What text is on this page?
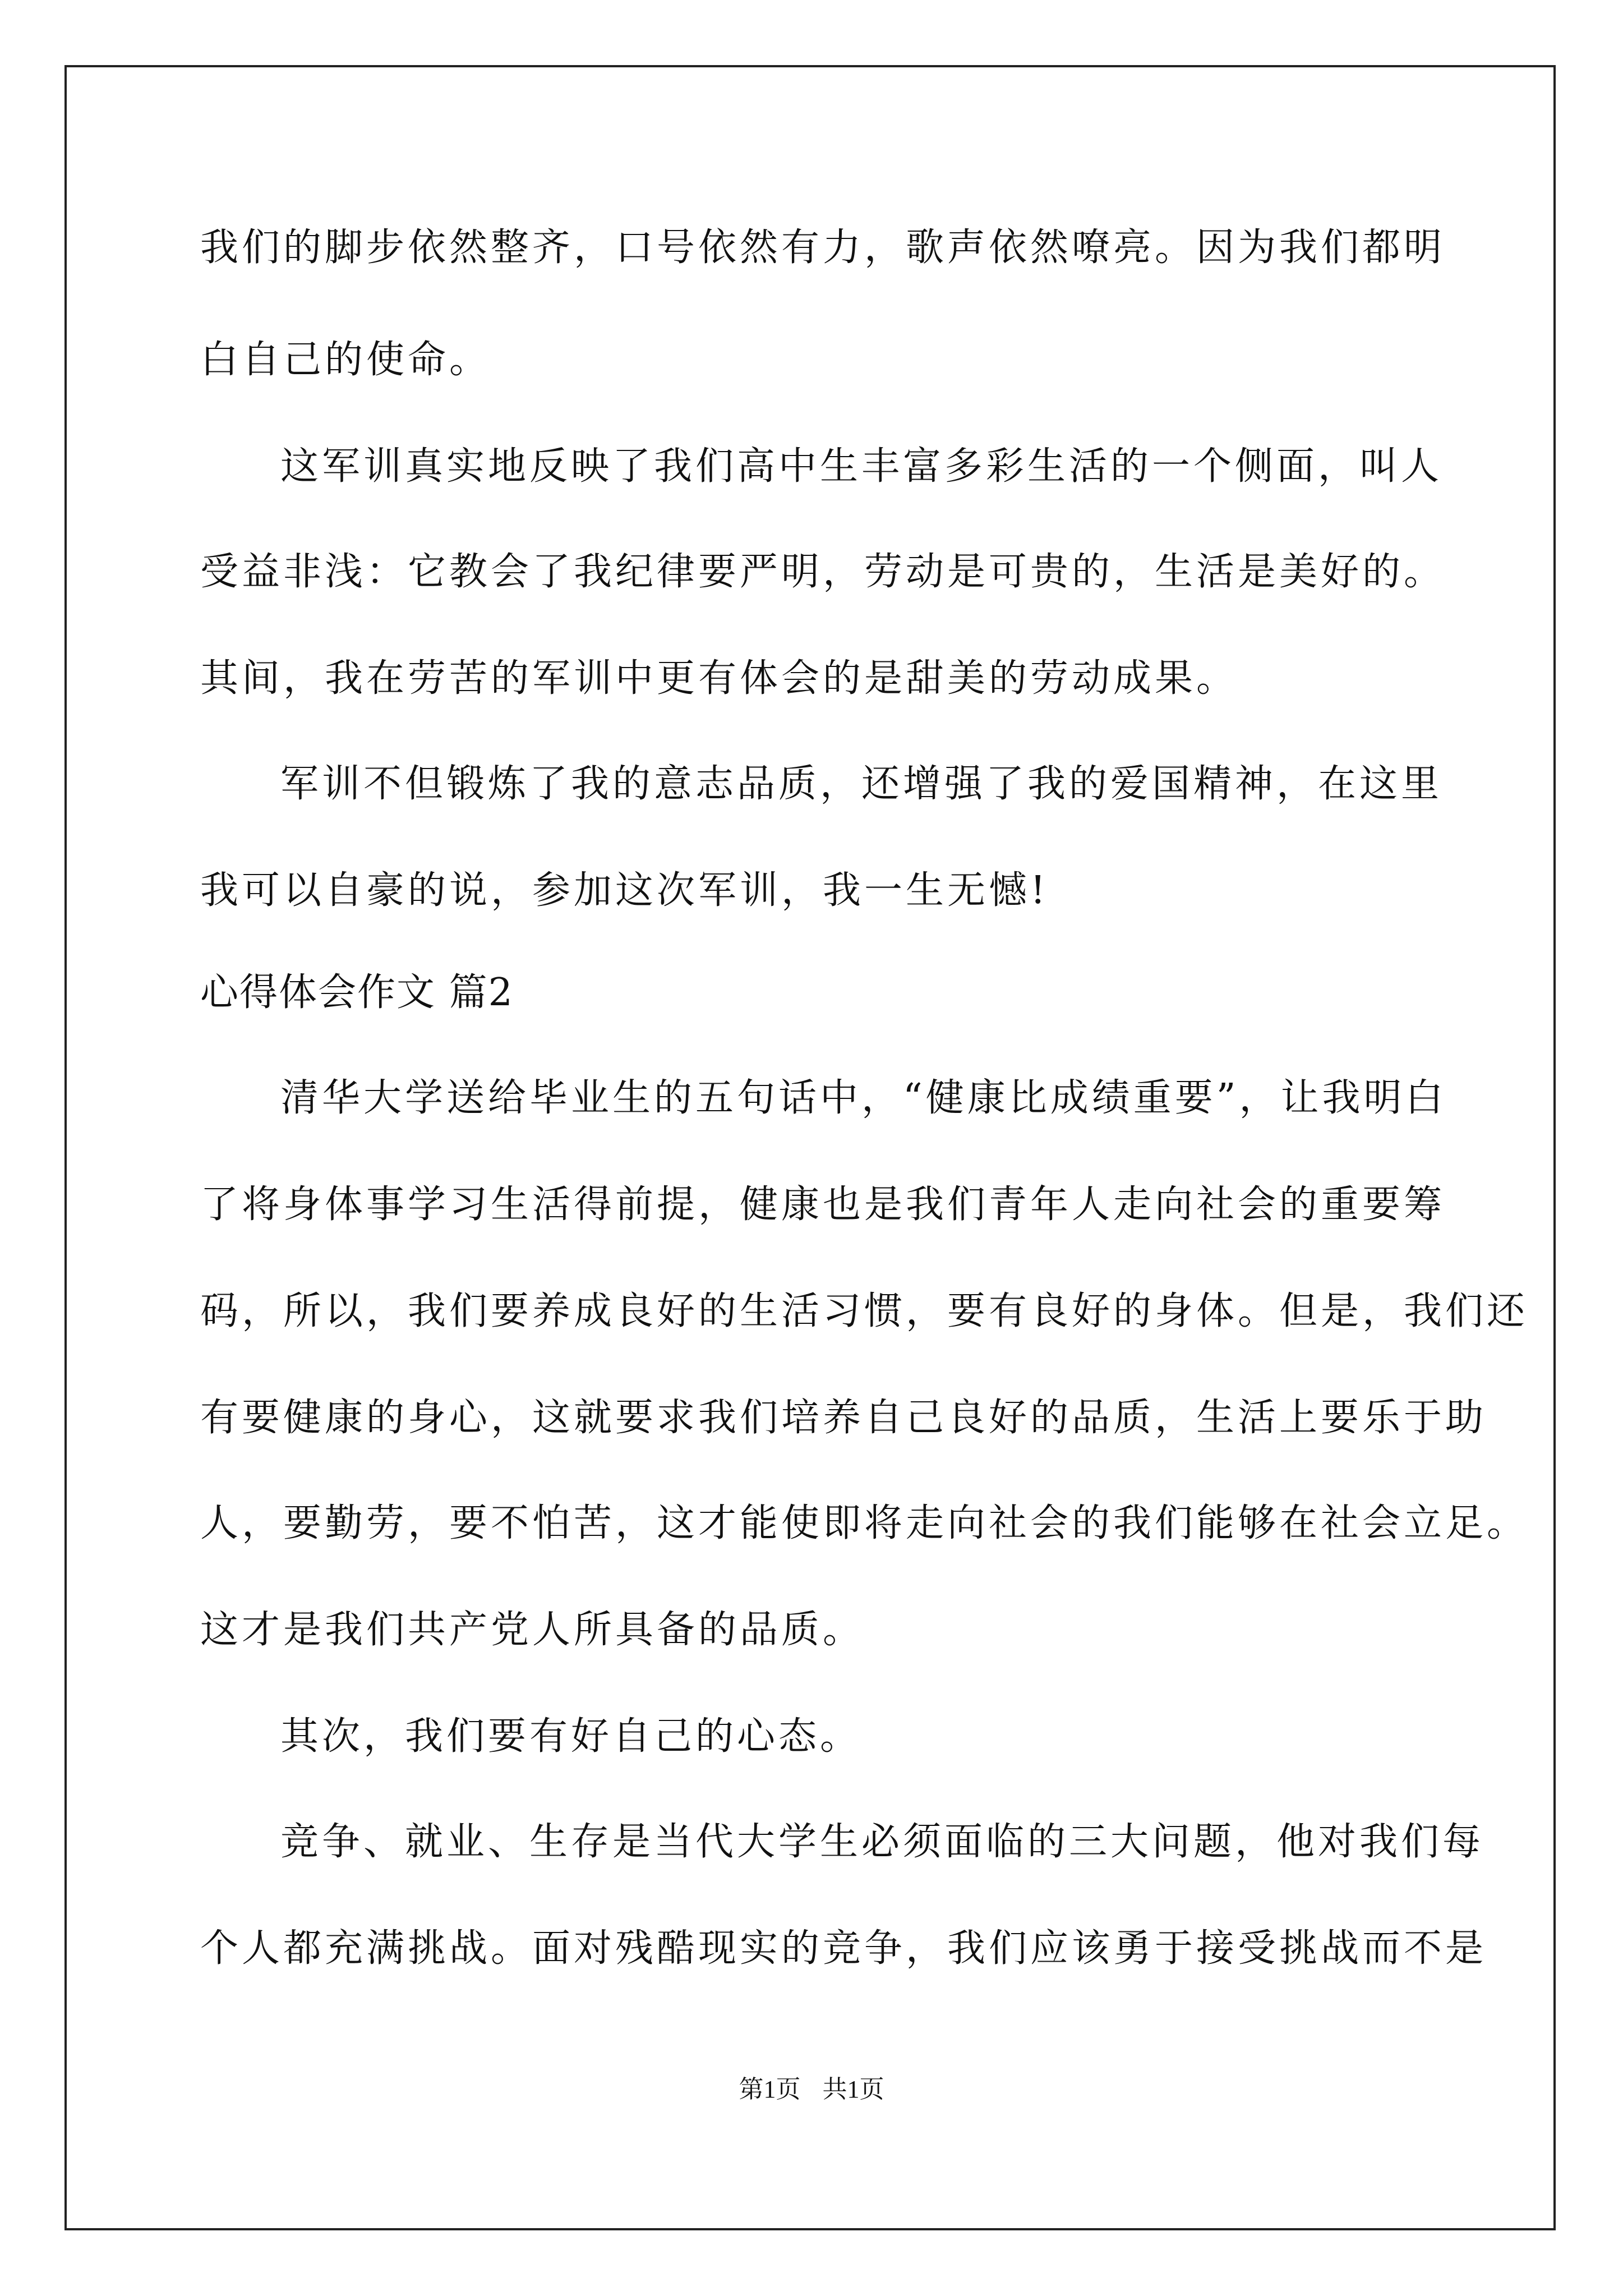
我们的脚步依然整齐，口号依然有力，歌声依然嘹亮。因为我们都明
白自己的使命。
这军训真实地反映了我们高中生丰富多彩生活的一个侧面，叫人
受益非浅：它教会了我纪律要严明，劳动是可贵的，生活是美好的。
其间，我在劳苦的军训中更有体会的是甜美的劳动成果。
军训不但锻炼了我的意志品质，还增强了我的爱国精神，在这里
我可以自豪的说，参加这次军训，我一生无憾!
心得体会作文 篇2
清华大学送给毕业生的五句话中，“健康比成绩重要”，让我明白
了将身体事学习生活得前提，健康也是我们青年人走向社会的重要筹
码，所以，我们要养成良好的生活习惯，要有良好的身体。但是，我们还
有要健康的身心，这就要求我们培养自己良好的品质，生活上要乐于助
人，要勤劳，要不怕苦，这才能使即将走向社会的我们能够在社会立足。
这才是我们共产党人所具备的品质。
其次，我们要有好自己的心态。
竞争、就业、生存是当代大学生必须面临的三大问题，他对我们每
个人都充满挑战。面对残酷现实的竞争，我们应该勇于接受挑战而不是
第1页 共1页
